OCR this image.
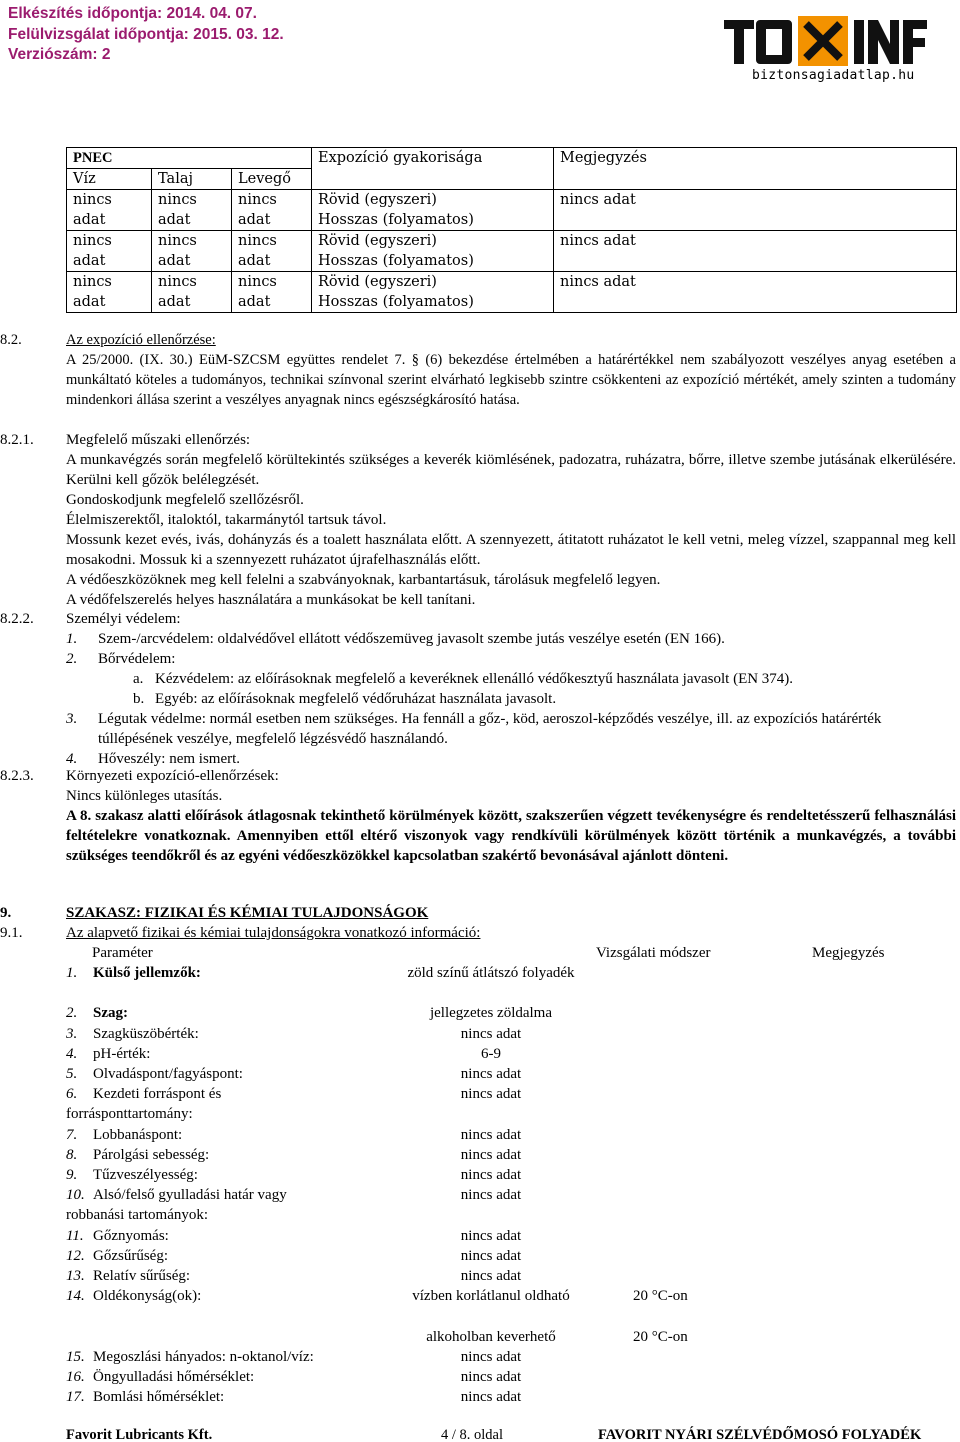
Elkészítés időpontja: 2014. 04. 07.
Felülvizsgálat időpontja: 2015. 03. 12.
Verziószám: 2
TOXINFO
biztonsagiadatlap.hu
PNEC			Expozíció gyakorisága	Megjegyzés
Víz	Talaj	Levegő		
nincs adat	nincs adat	nincs adat	Rövid (egyszeri)
Hosszas (folyamatos)	nincs adat
nincs adat	nincs adat	nincs adat	Rövid (egyszeri)
Hosszas (folyamatos)	nincs adat
nincs adat	nincs adat	nincs adat	Rövid (egyszeri)
Hosszas (folyamatos)	nincs adat
8.2.	Az expozíció ellenőrzése:
A 25/2000. (IX. 30.) EüM-SZCSM együttes rendelet 7. § (6) bekezdése értelmében a határértékkel nem szabályozott veszélyes anyag esetében a munkáltató köteles a tudományos, technikai színvonal szerint elvárható legkisebb szintre csökkenteni az expozíció mértékét, amely szinten a tudomány mindenkori állása szerint a veszélyes anyagnak nincs egészségkárosító hatása.
8.2.1. Megfelelő műszaki ellenőrzés:
A munkavégzés során megfelelő körültekintés szükséges a keverék kiömlésének, padozatra, ruházatra, bőrre, illetve szembe jutásának elkerülésére. Kerülni kell gőzök belélegzését.
Gondoskodjunk megfelelő szellőzésről.
Élelmiszerektől, italoktól, takarmánytól tartsuk távol.
Mossunk kezet evés, ivás, dohányzás és a toalett használata előtt. A szennyezett, átitatott ruházatot le kell vetni, meleg vízzel, szappannal meg kell mosakodni. Mossuk ki a szennyezett ruházatot újrafelhasználás előtt.
A védőeszközöknek meg kell felelni a szabványoknak, karbantartásuk, tárolásuk megfelelő legyen.
A védőfelszerelés helyes használatára a munkásokat be kell tanítani.
8.2.2. Személyi védelem:
1. Szem-/arcvédelem: oldalvédővel ellátott védőszemüveg javasolt szembe jutás veszélye esetén (EN 166).
2. Bőrvédelem:
a. Kézvédelem: az előírásoknak megfelelő a keveréknek ellenálló védőkesztyű használata javasolt (EN 374).
b. Egyéb: az előírásoknak megfelelő védőruházat használata javasolt.
3. Légutak védelme: normál esetben nem szükséges. Ha fennáll a gőz-, köd, aeroszol-képződés veszélye, ill. az expozíciós határérték túllépésének veszélye, megfelelő légzésvédő használandó.
4. Hőveszély: nem ismert.
8.2.3. Környezeti expozíció-ellenőrzések:
Nincs különleges utasítás.
A 8. szakasz alatti előírások átlagosnak tekinthető körülmények között, szakszerűen végzett tevékenységre és rendeltetésszerű felhasználási feltételekre vonatkoznak. Amennyiben ettől eltérő viszonyok vagy rendkívüli körülmények között történik a munkavégzés, a további szükséges teendőkről és az egyéni védőeszközökkel kapcsolatban szakértő bevonásával ajánlott dönteni.
9.	SZAKASZ: FIZIKAI ÉS KÉMIAI TULAJDONSÁGOK
9.1.	Az alapvető fizikai és kémiai tulajdonságokra vonatkozó információ:
Paraméter	Vizsgálati módszer	Megjegyzés
Külső jellemzők:
1.	zöld színű átlátszó folyadék
Szag:
2.	jellegzetes zöldalma
Szagküszöbérték:
3.	nincs adat
pH-érték:
4.	6-9
Olvadáspont/fagyáspont:
5.	nincs adat
Kezdeti forráspont és forrásponttartomány:
6.	nincs adat
Lobbanáspont:
7.	nincs adat
Párolgási sebesség:
8.	nincs adat
Tűzveszélyesség:
9.	nincs adat
Alsó/felső gyulladási határ vagy robbanási tartományok:
10.	nincs adat
Gőznyomás:
11.	nincs adat
Gőzsűrűség:
12.	nincs adat
Relatív sűrűség:
13.	nincs adat
Oldékonyság(ok):
14.	vízben korlátlanul oldható	20 °C-on
alkoholban keverhető	20 °C-on
Megoszlási hányados: n-oktanol/víz:
15.	nincs adat
Öngyulladási hőmérséklet:
16.	nincs adat
Bomlási hőmérséklet:
17.	nincs adat
Favorit Lubricants Kft.	4 / 8. oldal	FAVORIT NYÁRI SZÉLVÉDŐMOSÓ FOLYADÉK
